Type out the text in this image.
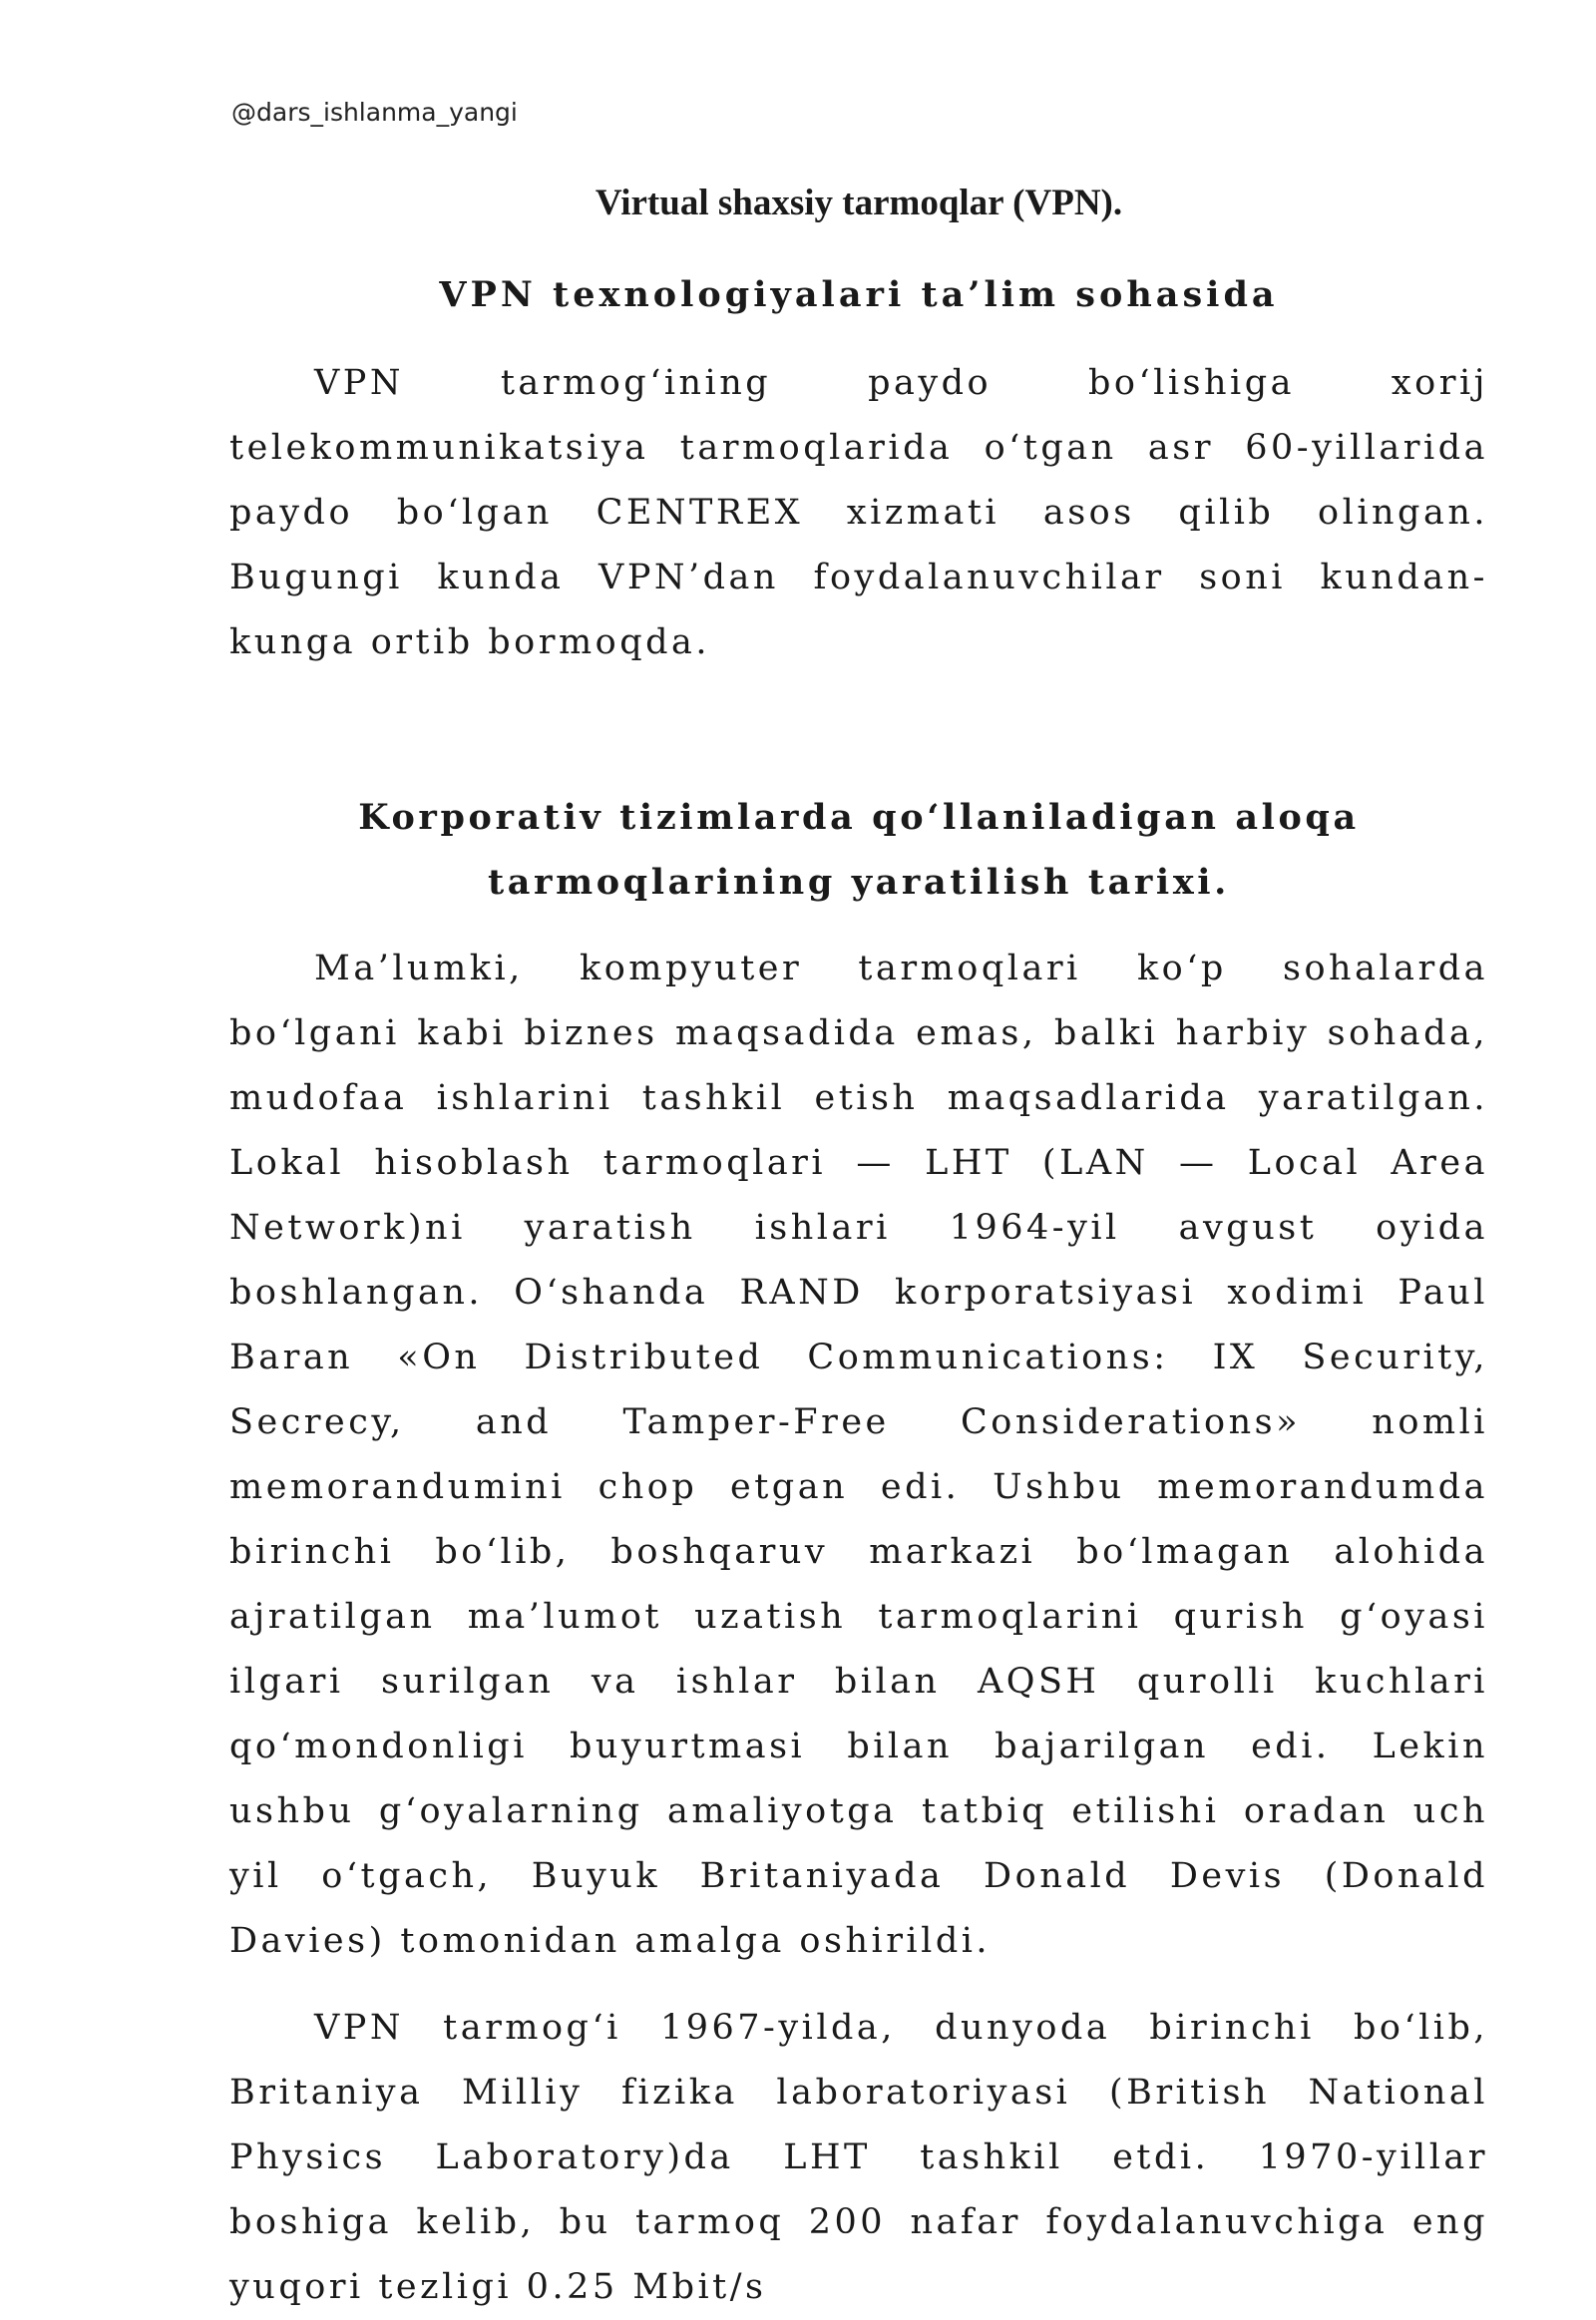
@dars_ishlanma_yangi
Virtual shaxsiy tarmoqlar (VPN).
VPN texnologiyalari ta’lim sohasida

VPN tarmog‘ining paydo bo‘lishiga xorij telekommunikatsiya tarmoqlarida o‘tgan asr 60-yillarida paydo bo‘lgan CENTREX xizmati asos qilib olingan. Bugungi kunda VPN’dan foydalanuvchilar soni kundan-kunga ortib bormoqda.

Korporativ tizimlarda qo‘llaniladigan aloqa tarmoqlarining yaratilish tarixi.

Ma’lumki, kompyuter tarmoqlari ko‘p sohalarda bo‘lgani kabi biznes maqsadida emas, balki harbiy sohada, mudofaa ishlarini tashkil etish maqsadlarida yaratilgan. Lokal hisoblash tarmoqlari — LHT (LAN — Local Area Network)ni yaratish ishlari 1964-yil avgust oyida boshlangan. O‘shanda RAND korporatsiyasi xodimi Paul Baran «On Distributed Communications: IX Security, Secrecy, and Tamper-Free Considerations» nomli memorandumini chop etgan edi. Ushbu memorandumda birinchi bo‘lib, boshqaruv markazi bo‘lmagan alohida ajratilgan ma’lumot uzatish tarmoqlarini qurish g‘oyasi ilgari surilgan va ishlar bilan AQSH qurolli kuchlari qo‘mondonligi buyurtmasi bilan bajarilgan edi. Lekin ushbu g‘oyalarning amaliyotga tatbiq etilishi oradan uch yil o‘tgach, Buyuk Britaniyada Donald Devis (Donald Davies) tomonidan amalga oshirildi.

VPN tarmog‘i 1967-yilda, dunyoda birinchi bo‘lib, Britaniya Milliy fizika laboratoriyasi (British National Physics Laboratory)da LHT tashkil etdi. 1970-yillar boshiga kelib, bu tarmoq 200 nafar foydalanuvchiga eng yuqori tezligi 0.25 Mbit/s
